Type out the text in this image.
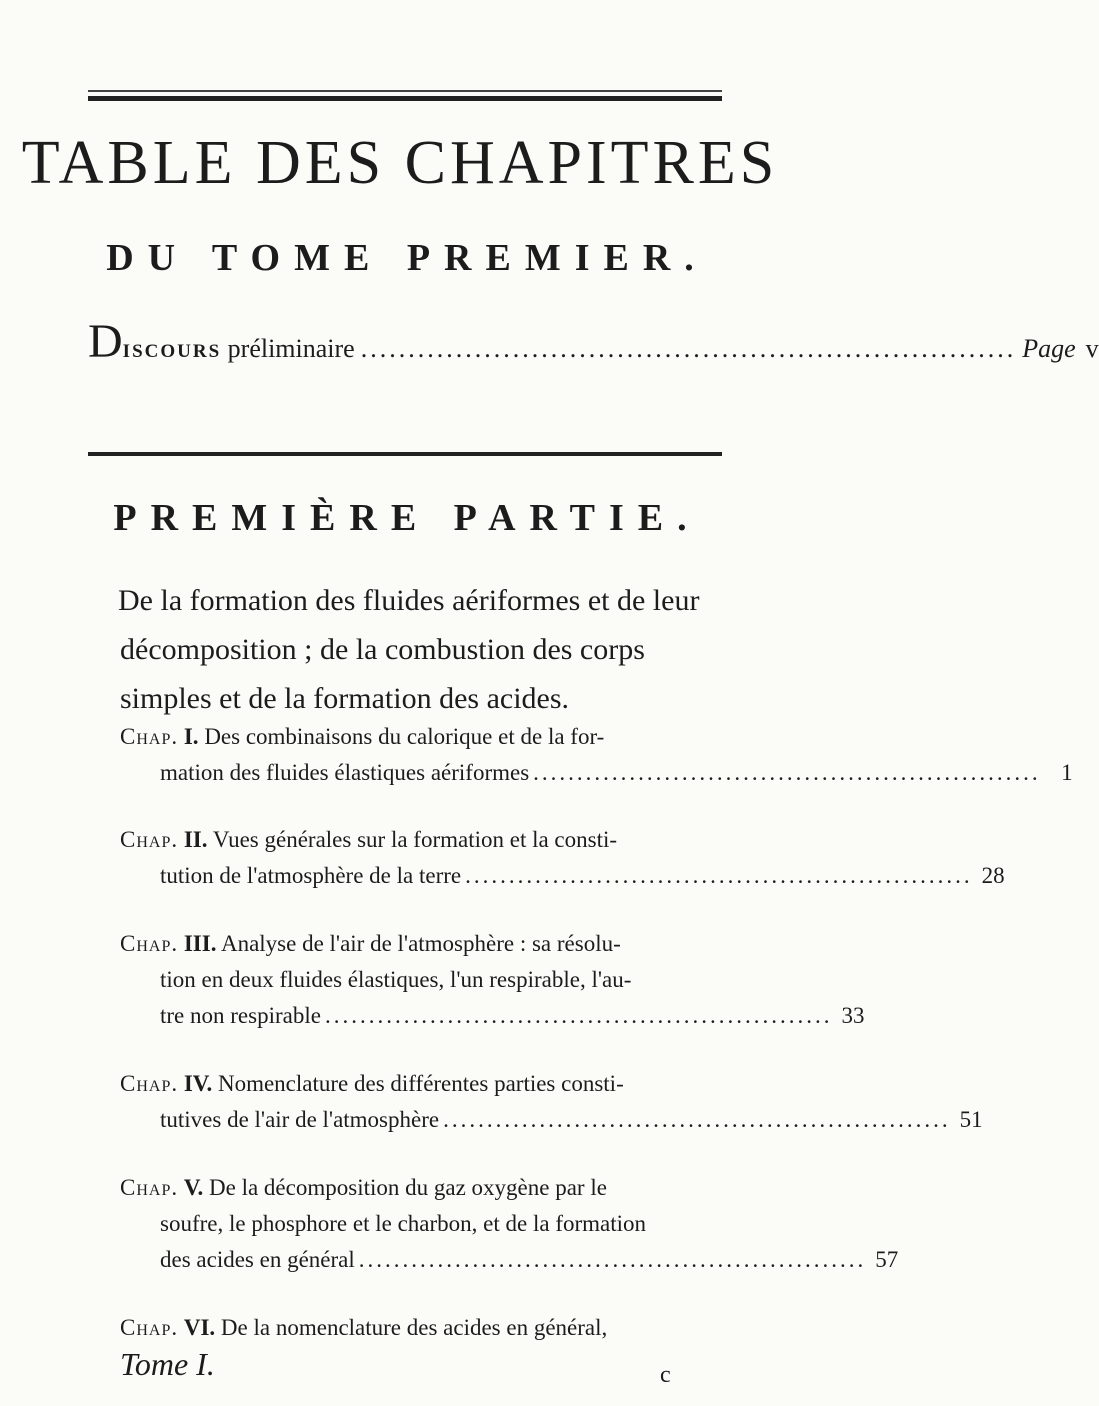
TABLE DES CHAPITRES
DU TOME PREMIER.
DISCOURS préliminaire ..................................................................... Page v
PREMIÈRE PARTIE.
De la formation des fluides aériformes et de leur
décomposition ; de la combustion des corps
simples et de la formation des acides.
Chap. I. Des combinaisons du calorique et de la for-
mation des fluides élastiques aériformes .......................................................... 1
Chap. II. Vues générales sur la formation et la consti-
tution de l'atmosphère de la terre .......................................................... 28
Chap. III. Analyse de l'air de l'atmosphère : sa résolu-
tion en deux fluides élastiques, l'un respirable, l'au-
tre non respirable .......................................................... 33
Chap. IV. Nomenclature des différentes parties consti-
tutives de l'air de l'atmosphère .......................................................... 51
Chap. V. De la décomposition du gaz oxygène par le
soufre, le phosphore et le charbon, et de la formation
des acides en général .......................................................... 57
Chap. VI. De la nomenclature des acides en général,
Tome I.	c
